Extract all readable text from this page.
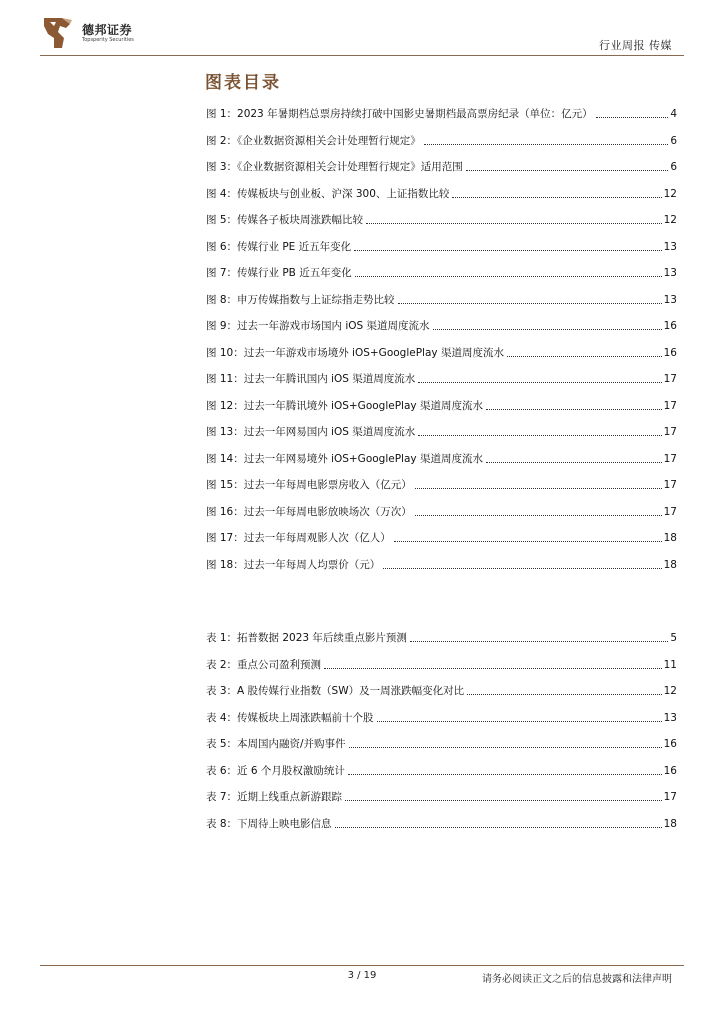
德邦证券
Topsperity Securities	行业周报 传媒
图表目录
图 1：2023 年暑期档总票房持续打破中国影史暑期档最高票房纪录（单位：亿元）	4
图 2：《企业数据资源相关会计处理暂行规定》	6
图 3：《企业数据资源相关会计处理暂行规定》适用范围	6
图 4：传媒板块与创业板、沪深 300、上证指数比较	12
图 5：传媒各子板块周涨跌幅比较	12
图 6：传媒行业 PE 近五年变化	13
图 7：传媒行业 PB 近五年变化	13
图 8：申万传媒指数与上证综指走势比较	13
图 9：过去一年游戏市场国内 iOS 渠道周度流水	16
图 10：过去一年游戏市场境外 iOS+GooglePlay 渠道周度流水	16
图 11：过去一年腾讯国内 iOS 渠道周度流水	17
图 12：过去一年腾讯境外 iOS+GooglePlay 渠道周度流水	17
图 13：过去一年网易国内 iOS 渠道周度流水	17
图 14：过去一年网易境外 iOS+GooglePlay 渠道周度流水	17
图 15：过去一年每周电影票房收入（亿元）	17
图 16：过去一年每周电影放映场次（万次）	17
图 17：过去一年每周观影人次（亿人）	18
图 18：过去一年每周人均票价（元）	18
表 1：拓普数据 2023 年后续重点影片预测	5
表 2：重点公司盈利预测	11
表 3：A 股传媒行业指数（SW）及一周涨跌幅变化对比	12
表 4：传媒板块上周涨跌幅前十个股	13
表 5：本周国内融资/并购事件	16
表 6：近 6 个月股权激励统计	16
表 7：近期上线重点新游跟踪	17
表 8：下周待上映电影信息	18
3 / 19	请务必阅读正文之后的信息披露和法律声明
